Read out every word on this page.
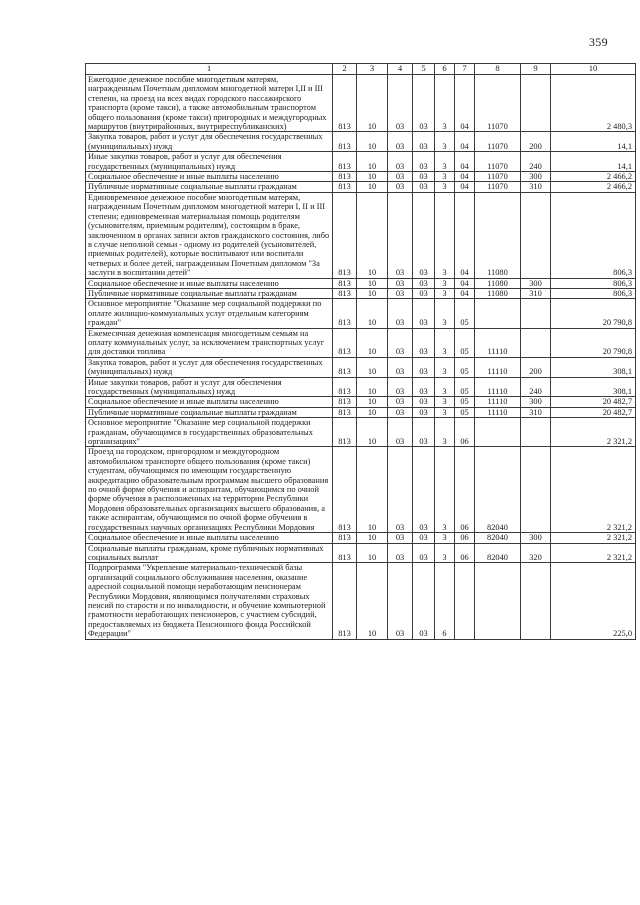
359
1	2	3	4	5	6	7	8	9	10
Ежегодное денежное пособие многодетным матерям, награжденным Почетным дипломом многодетной матери I,II и III степени, на проезд на всех видах городского пассажирского транспорта (кроме такси), а также автомобильным транспортом общего пользования (кроме такси) пригородных и междугородных маршрутов (внутрирайонных, внутриреспубликанских)	813	10	03	03	3	04	11070		2 480,3
Закупка товаров, работ и услуг для обеспечения государственных (муниципальных) нужд	813	10	03	03	3	04	11070	200	14,1
Иные закупки товаров, работ и услуг для обеспечения государственных (муниципальных) нужд	813	10	03	03	3	04	11070	240	14,1
Социальное обеспечение и иные выплаты населению	813	10	03	03	3	04	11070	300	2 466,2
Публичные нормативные социальные выплаты гражданам	813	10	03	03	3	04	11070	310	2 466,2
Единовременное денежное пособие многодетным матерям, награжденным Почетным дипломом многодетной матери I, II и III степени; единовременная материальная помощь родителям (усыновителям, приемным родителям), состоящим в браке, заключенном в органах записи актов гражданского состояния, либо в случае неполной семьи - одному из родителей (усыновителей, приемных родителей), которые воспитывают или воспитали четверых и более детей, награжденным Почетным дипломом "За заслуги в воспитании детей"	813	10	03	03	3	04	11080		806,3
Социальное обеспечение и иные выплаты населению	813	10	03	03	3	04	11080	300	806,3
Публичные нормативные социальные выплаты гражданам	813	10	03	03	3	04	11080	310	806,3
Основное мероприятие "Оказание мер социальной поддержки по оплате жилищно-коммунальных услуг отдельным категориям граждан"	813	10	03	03	3	05			20 790,8
Ежемесячная денежная компенсация многодетным семьям на оплату коммунальных услуг, за исключением транспортных услуг для доставки топлива	813	10	03	03	3	05	11110		20 790,8
Закупка товаров, работ и услуг для обеспечения государственных (муниципальных) нужд	813	10	03	03	3	05	11110	200	308,1
Иные закупки товаров, работ и услуг для обеспечения государственных (муниципальных) нужд	813	10	03	03	3	05	11110	240	308,1
Социальное обеспечение и иные выплаты населению	813	10	03	03	3	05	11110	300	20 482,7
Публичные нормативные социальные выплаты гражданам	813	10	03	03	3	05	11110	310	20 482,7
Основное мероприятие "Оказание мер социальной поддержки гражданам, обучающимся в государственных образовательных организациях"	813	10	03	03	3	06			2 321,2
Проезд на городском, пригородном и междугородном автомобильном транспорте общего пользования (кроме такси) студентам, обучающимся по имеющим государственную аккредитацию образовательным программам высшего образования по очной форме обучения и аспирантам, обучающимся по очной форме обучения в расположенных на территории Республики Мордовия образовательных организациях высшего образования, а также аспирантам, обучающимся по очной форме обучения в государственных научных организациях Республики Мордовия	813	10	03	03	3	06	82040		2 321,2
Социальное обеспечение и иные выплаты населению	813	10	03	03	3	06	82040	300	2 321,2
Социальные выплаты гражданам, кроме публичных нормативных социальных выплат	813	10	03	03	3	06	82040	320	2 321,2
Подпрограмма "Укрепление материально-технической базы организаций социального обслуживания населения, оказание адресной социальной помощи неработающим пенсионерам Республики Мордовия, являющимся получателями страховых пенсий по старости и по инвалидности, и обучение компьютерной грамотности неработающих пенсионеров, с участием субсидий, предоставляемых из бюджета Пенсионного фонда Российской Федерации"	813	10	03	03	6				225,0
